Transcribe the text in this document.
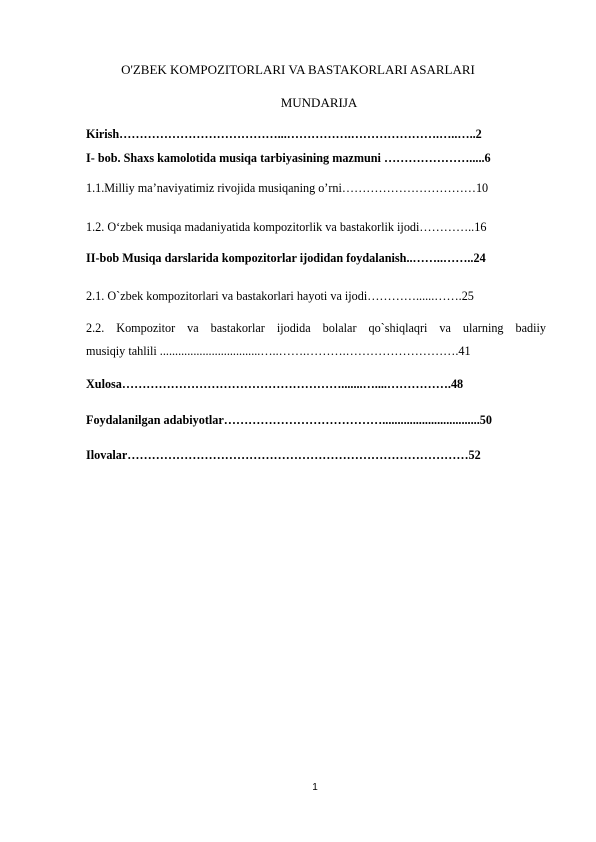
O'ZBEK KOMPOZITORLARI VA BASTAKORLARI ASARLARI
MUNDARIJA
Kirish…………………………………...…………….………………….…..…..2
I- bob. Shaxs kamolotida musiqa tarbiyasining mazmuni ………………….....6
1.1.Milliy ma’naviyatimiz rivojida musiqaning o’rni……………………………10
1.2. O‘zbek musiqa madaniyatida kompozitorlik va bastakorlik ijodi…………..16
II-bob Musiqa darslarida kompozitorlar ijodidan foydalanish..……..……..24
2.1. O`zbek kompozitorlari va bastakorlari hayoti va ijodi…………......…….25
2.2. Kompozitor va bastakorlar ijodida bolalar qo`shiqlaqri va ularning badiiy
musiqiy tahlili .................................…..…….……….……………………….41
Xulosa……………………………………………….......…....…………….48
Foydalanilgan adabiyotlar…………………………………................................50
Ilovalar…………………………………………………………………………52
1
